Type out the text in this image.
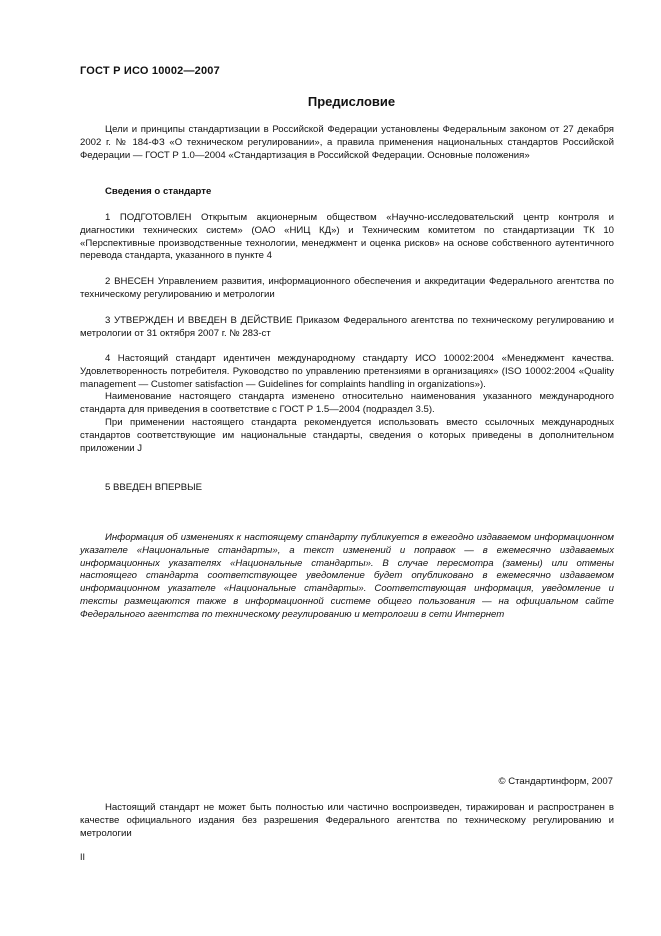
ГОСТ Р ИСО 10002—2007
Предисловие

Цели и принципы стандартизации в Российской Федерации установлены Федеральным законом от 27 декабря 2002 г. № 184-ФЗ «О техническом регулировании», а правила применения национальных стандартов Российской Федерации — ГОСТ Р 1.0—2004 «Стандартизация в Российской Федерации. Основные положения»

Сведения о стандарте

1 ПОДГОТОВЛЕН Открытым акционерным обществом «Научно-исследовательский центр контроля и диагностики технических систем» (ОАО «НИЦ КД») и Техническим комитетом по стандартизации ТК 10 «Перспективные производственные технологии, менеджмент и оценка рисков» на основе собственного аутентичного перевода стандарта, указанного в пункте 4

2 ВНЕСЕН Управлением развития, информационного обеспечения и аккредитации Федерального агентства по техническому регулированию и метрологии

3 УТВЕРЖДЕН И ВВЕДЕН В ДЕЙСТВИЕ Приказом Федерального агентства по техническому регулированию и метрологии от 31 октября 2007 г. № 283-ст

4 Настоящий стандарт идентичен международному стандарту ИСО 10002:2004 «Менеджмент качества. Удовлетворенность потребителя. Руководство по управлению претензиями в организациях» (ISO 10002:2004 «Quality management — Customer satisfaction — Guidelines for complaints handling in organizations»).

Наименование настоящего стандарта изменено относительно наименования указанного международного стандарта для приведения в соответствие с ГОСТ Р 1.5—2004 (подраздел 3.5).

При применении настоящего стандарта рекомендуется использовать вместо ссылочных международных стандартов соответствующие им национальные стандарты, сведения о которых приведены в дополнительном приложении J

5 ВВЕДЕН ВПЕРВЫЕ

Информация об изменениях к настоящему стандарту публикуется в ежегодно издаваемом информационном указателе «Национальные стандарты», а текст изменений и поправок — в ежемесячно издаваемых информационных указателях «Национальные стандарты». В случае пересмотра (замены) или отмены настоящего стандарта соответствующее уведомление будет опубликовано в ежемесячно издаваемом информационном указателе «Национальные стандарты». Соответствующая информация, уведомление и тексты размещаются также в информационной системе общего пользования — на официальном сайте Федерального агентства по техническому регулированию и метрологии в сети Интернет

© Стандартинформ, 2007

Настоящий стандарт не может быть полностью или частично воспроизведен, тиражирован и распространен в качестве официального издания без разрешения Федерального агентства по техническому регулированию и метрологии

II
